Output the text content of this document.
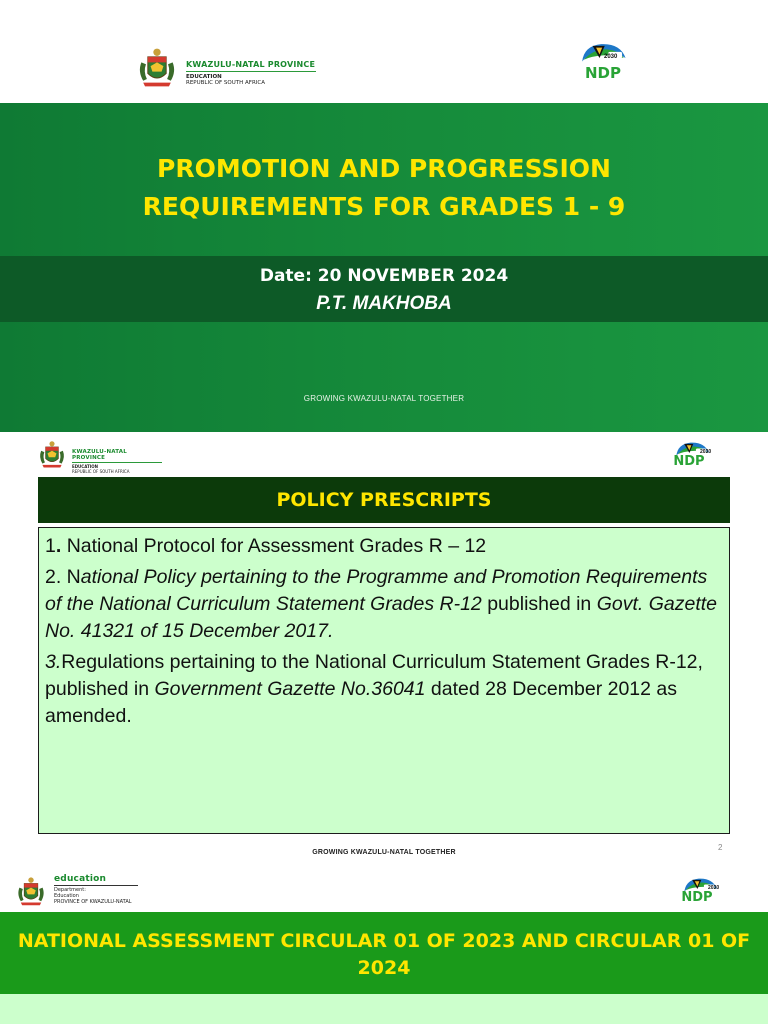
KWAZULU-NATAL PROVINCE
EDUCATION
REPUBLIC OF SOUTH AFRICA
2030
NDP
PROMOTION AND PROGRESSION
REQUIREMENTS FOR GRADES 1 - 9
Date: 20 NOVEMBER 2024
P.T. MAKHOBA
GROWING KWAZULU-NATAL TOGETHER
KWAZULU-NATAL PROVINCE
EDUCATION
REPUBLIC OF SOUTH AFRICA
2030
NDP
POLICY PRESCRIPTS

1. National Protocol for Assessment Grades R – 12

2. National Policy pertaining to the Programme and Promotion Requirements of the National Curriculum Statement Grades R-12 published in Govt. Gazette No. 41321 of 15 December 2017.

3.Regulations pertaining to the National Curriculum Statement Grades R-12, published in Government Gazette No.36041 dated 28 December 2012 as amended.

GROWING KWAZULU-NATAL TOGETHER
2
education
Department:
Education
PROVINCE OF KWAZULU-NATAL
2030
NDP
NATIONAL ASSESSMENT CIRCULAR 01 OF 2023 AND CIRCULAR 01 OF 2024
